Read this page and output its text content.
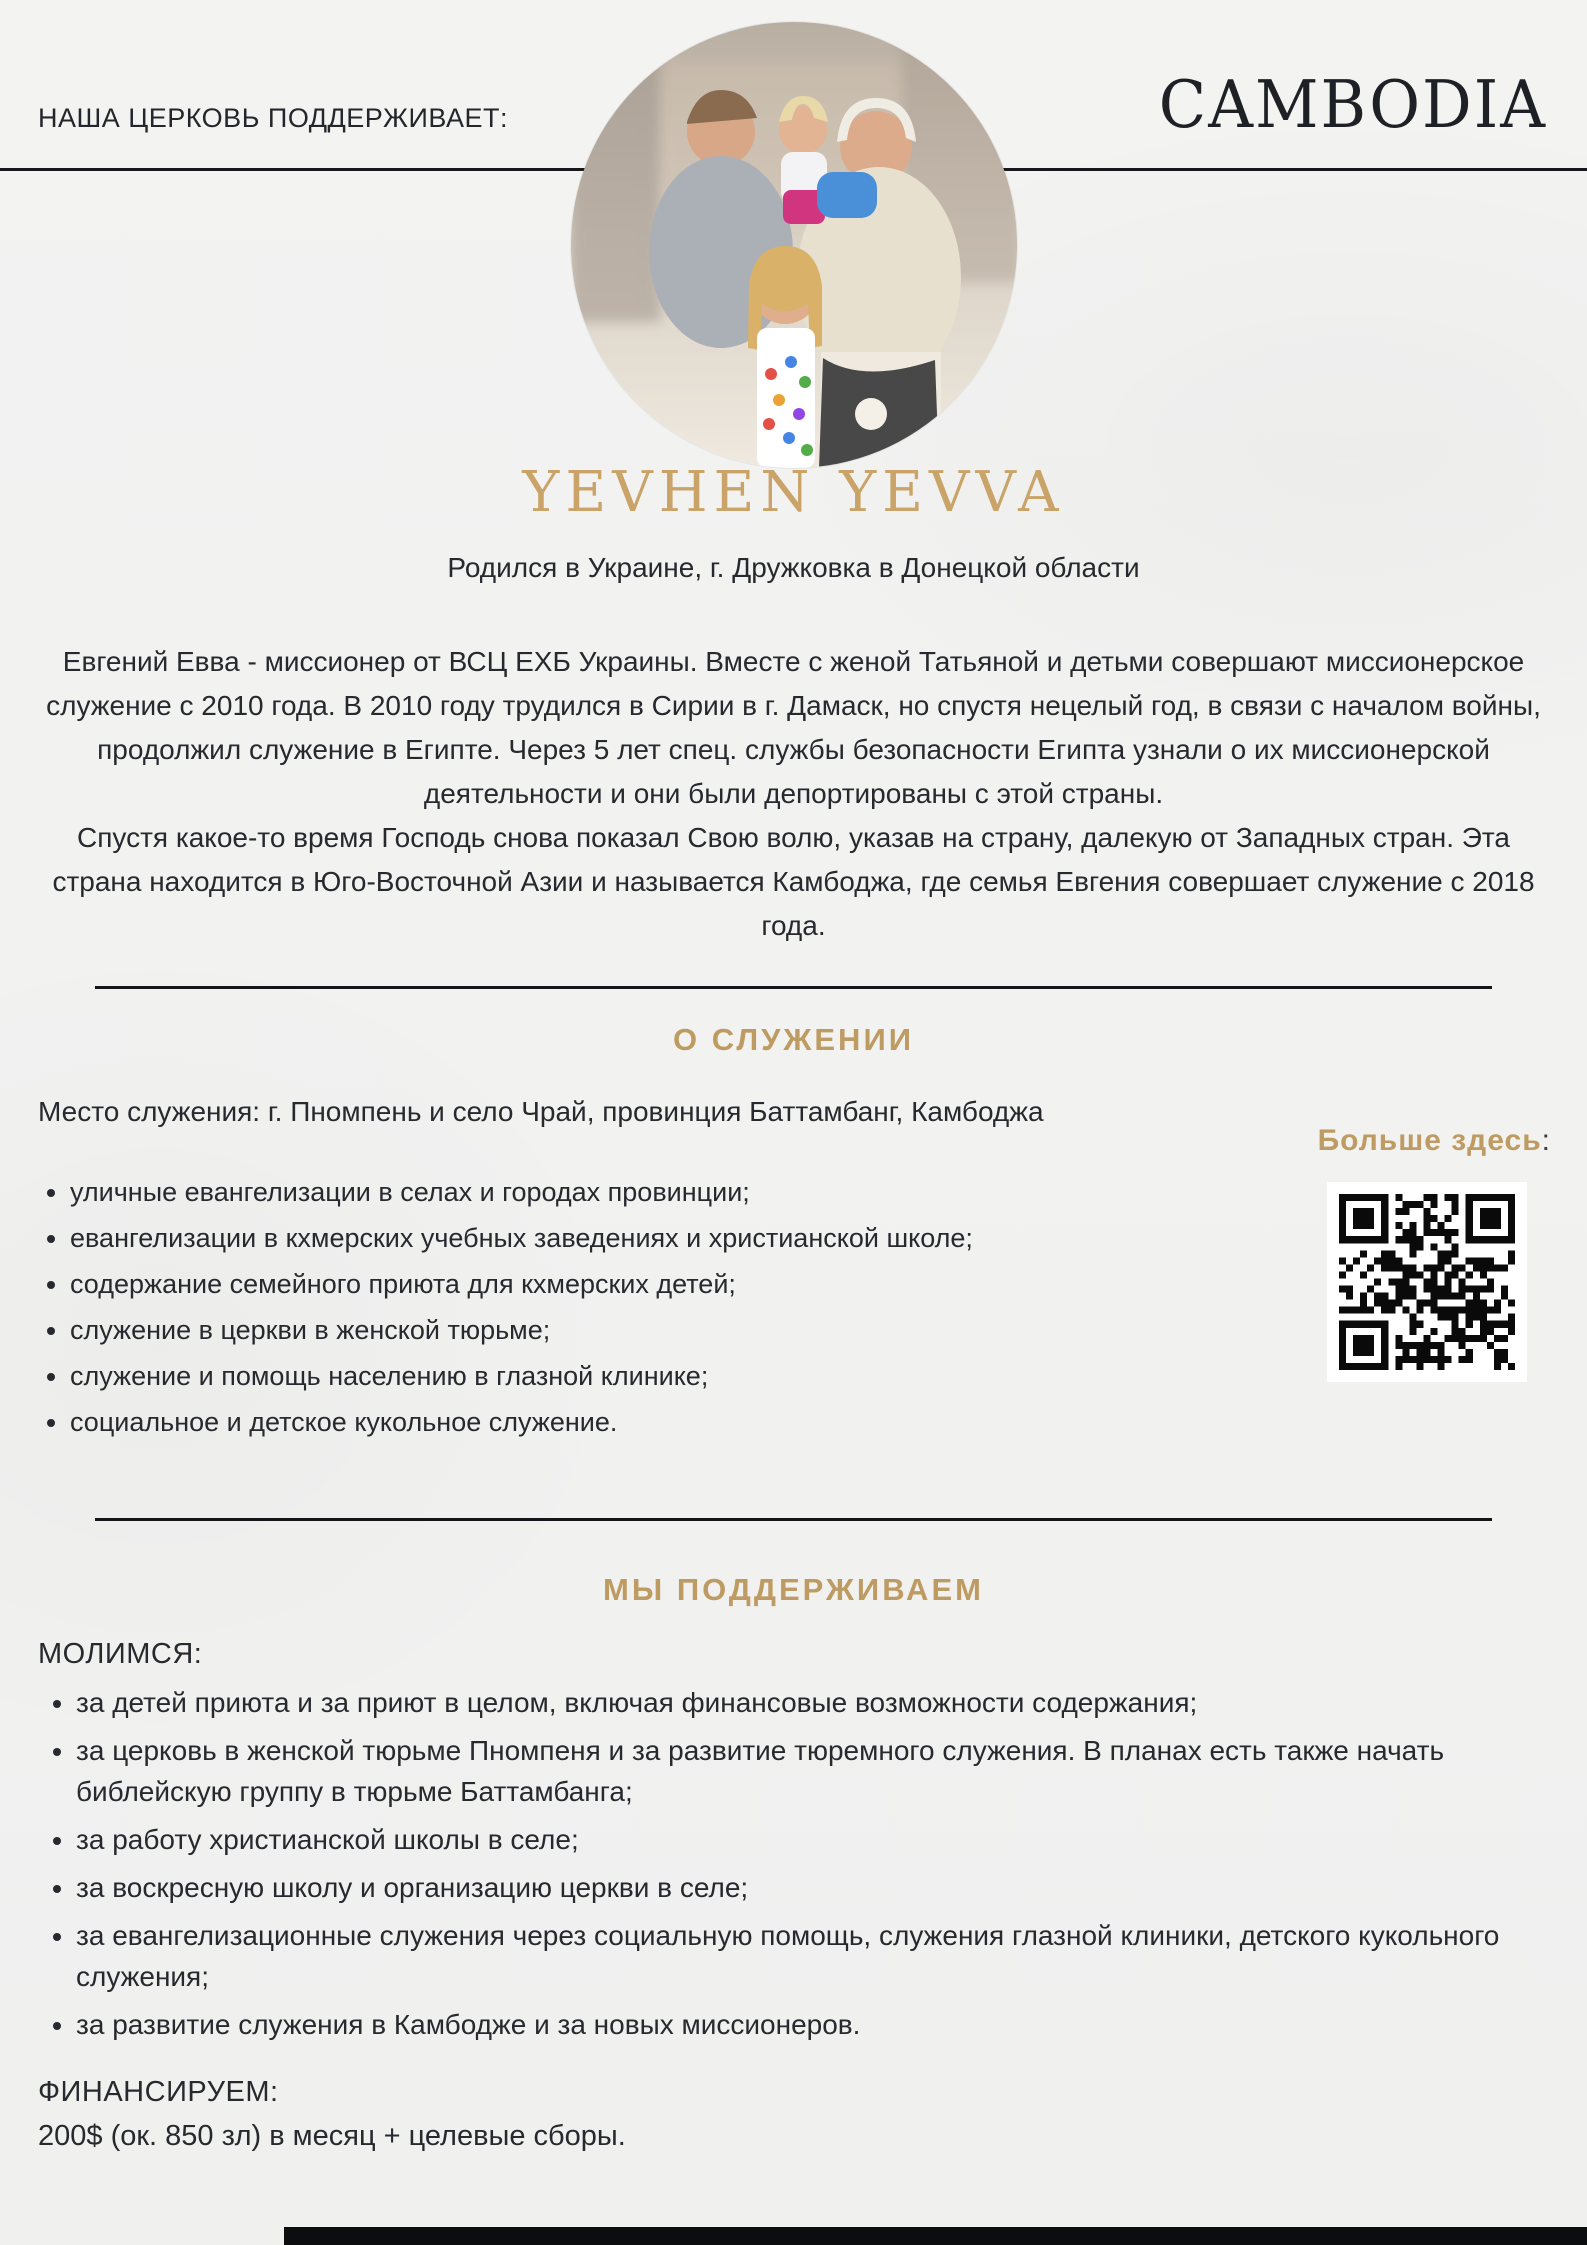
НАША ЦЕРКОВЬ ПОДДЕРЖИВАЕТ:	CAMBODIA
YEVHEN YEVVA
Родился в Украине, г. Дружковка в Донецкой области

Евгений Евва - миссионер от ВСЦ ЕХБ Украины. Вместе с женой Татьяной и детьми совершают миссионерское служение с 2010 года. В 2010 году трудился в Сирии в г. Дамаск, но спустя нецелый год, в связи с началом войны, продолжил служение в Египте. Через 5 лет спец. службы безопасности Египта узнали о их миссионерской деятельности и они были депортированы с этой страны.

Спустя какое-то время Господь снова показал Свою волю, указав на страну, далекую от Западных стран. Эта страна находится в Юго-Восточной Азии и называется Камбоджа, где семья Евгения совершает служение с 2018 года.

О СЛУЖЕНИИ
Место служения: г. Пномпень и село Чрай, провинция Баттамбанг, Камбоджа
Больше здесь:
• уличные евангелизации в селах и городах провинции;
• евангелизации в кхмерских учебных заведениях и христианской школе;
• содержание семейного приюта для кхмерских детей;
• служение в церкви в женской тюрьме;
• служение и помощь населению в глазной клинике;
• социальное и детское кукольное служение.
МЫ ПОДДЕРЖИВАЕМ
МОЛИМСЯ:
• за детей приюта и за приют в целом, включая финансовые возможности содержания;
• за церковь в женской тюрьме Пномпеня и за развитие тюремного служения. В планах есть также начать библейскую группу в тюрьме Баттамбанга;
• за работу христианской школы в селе;
• за воскресную школу и организацию церкви в селе;
• за евангелизационные служения через социальную помощь, служения глазной клиники, детского кукольного служения;
• за развитие служения в Камбодже и за новых миссионеров.
ФИНАНСИРУЕМ:
200$ (ок. 850 зл) в месяц + целевые сборы.
